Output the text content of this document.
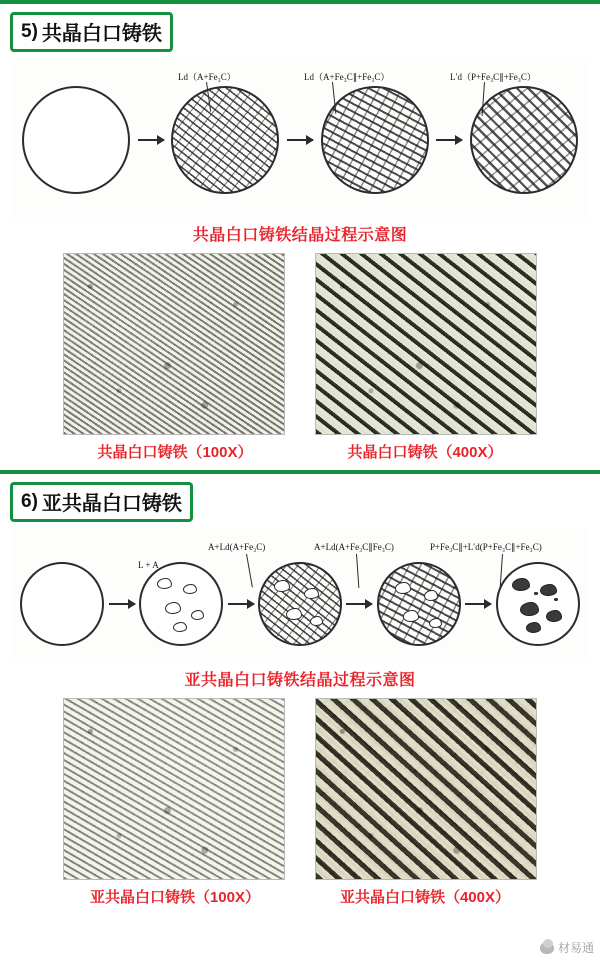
5) 共晶白口铸铁
Ld（A+Fe₃C）	Ld（A+Fe₃C∥+Fe₃C）	L′d（P+Fe₃C∥+Fe₃C）
共晶白口铸铁结晶过程示意图
共晶白口铸铁（100X）	共晶白口铸铁（400X）
6) 亚共晶白口铸铁
L + A
A+Ld(A+Fe₃C)	A+Ld(A+Fe₃C∥Fe₃C)	P+Fe₃C∥+L′d(P+Fe₃C∥+Fe₃C)
亚共晶白口铸铁结晶过程示意图
亚共晶白口铸铁（100X）	亚共晶白口铸铁（400X）
材易通
